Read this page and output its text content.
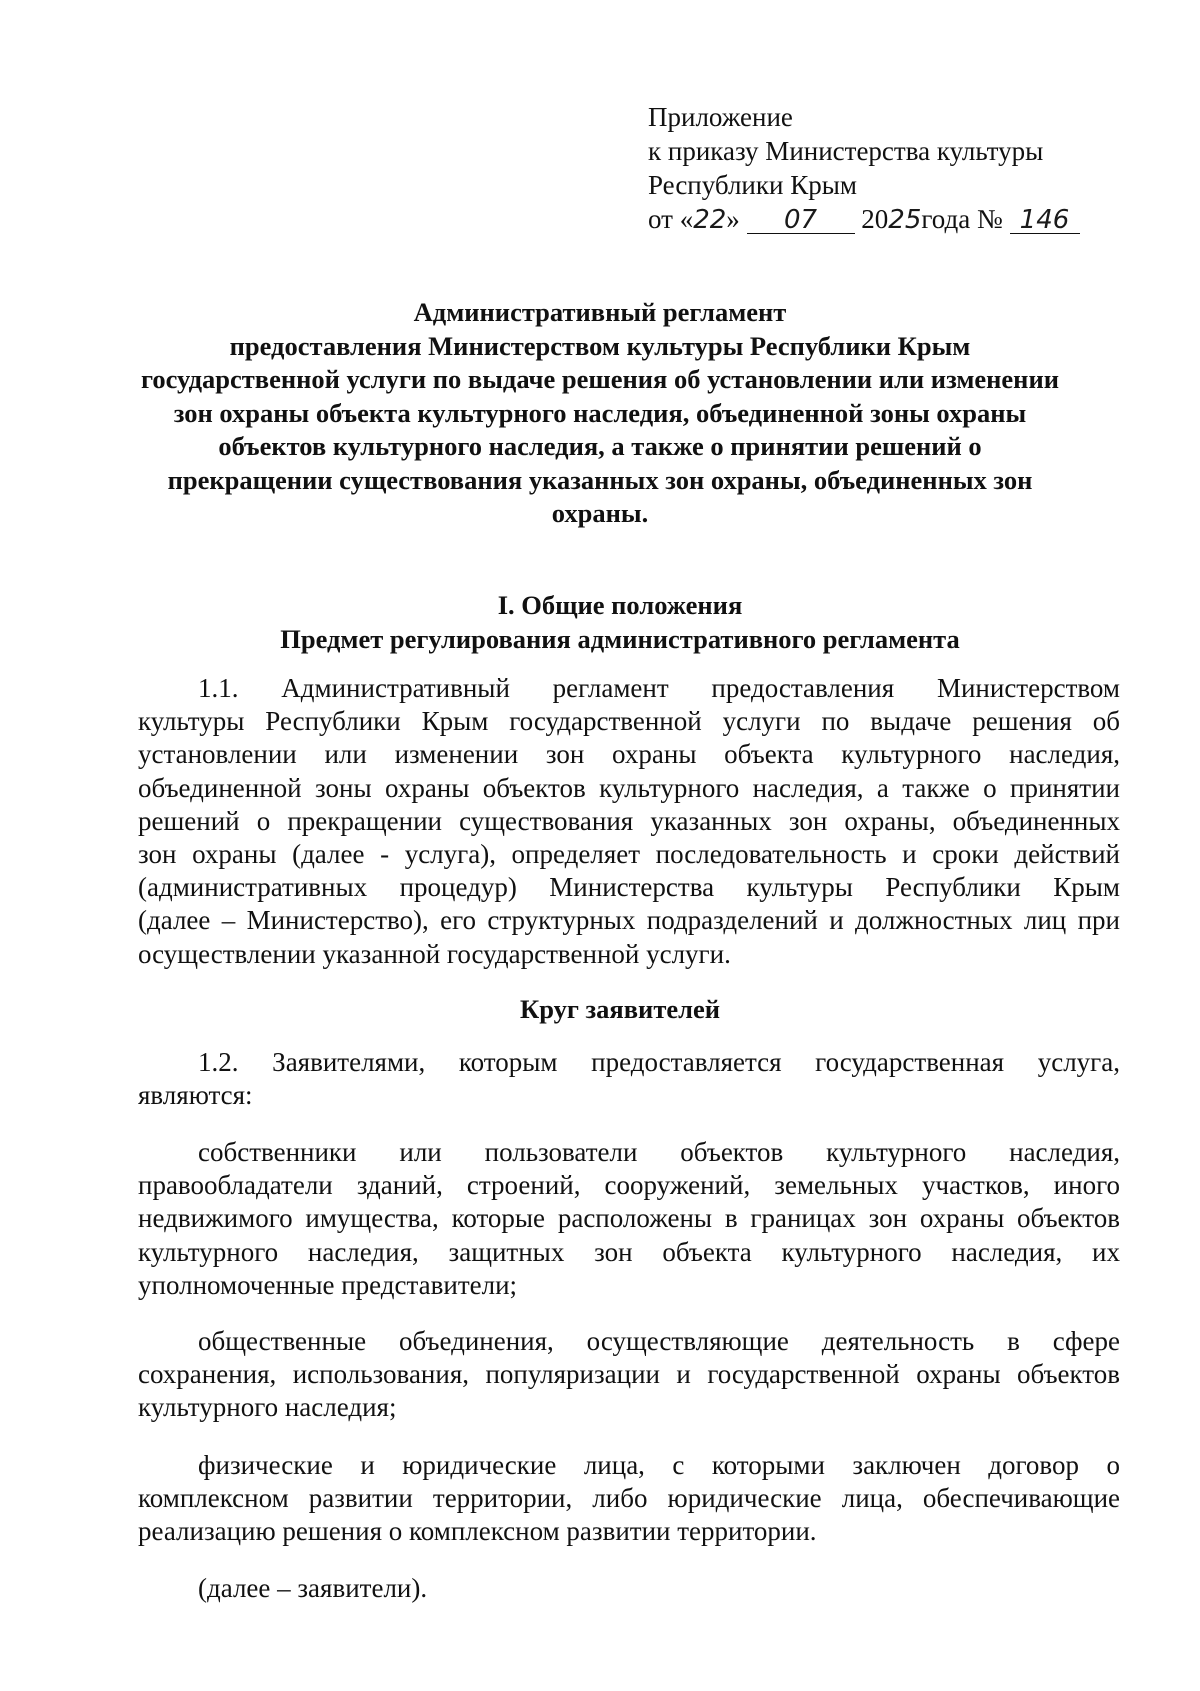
Приложение
к приказу Министерства культуры
Республики Крым
от «22» 07 2025года № 146
Административный регламент
предоставления Министерством культуры Республики Крым
государственной услуги по выдаче решения об установлении или изменении
зон охраны объекта культурного наследия, объединенной зоны охраны
объектов культурного наследия, а также о принятии решений о
прекращении существования указанных зон охраны, объединенных зон
охраны.
I. Общие положения
Предмет регулирования административного регламента
1.1. Административный регламент предоставления Министерством
культуры Республики Крым государственной услуги по выдаче решения об
установлении или изменении зон охраны объекта культурного наследия,
объединенной зоны охраны объектов культурного наследия, а также о принятии
решений о прекращении существования указанных зон охраны, объединенных
зон охраны (далее - услуга), определяет последовательность и сроки действий
(административных процедур) Министерства культуры Республики Крым
(далее – Министерство), его структурных подразделений и должностных лиц при
осуществлении указанной государственной услуги.
Круг заявителей
1.2. Заявителями, которым предоставляется государственная услуга,
являются:
собственники или пользователи объектов культурного наследия,
правообладатели зданий, строений, сооружений, земельных участков, иного
недвижимого имущества, которые расположены в границах зон охраны объектов
культурного наследия, защитных зон объекта культурного наследия, их
уполномоченные представители;
общественные объединения, осуществляющие деятельность в сфере
сохранения, использования, популяризации и государственной охраны объектов
культурного наследия;
физические и юридические лица, с которыми заключен договор о
комплексном развитии территории, либо юридические лица, обеспечивающие
реализацию решения о комплексном развитии территории.
(далее – заявители).
